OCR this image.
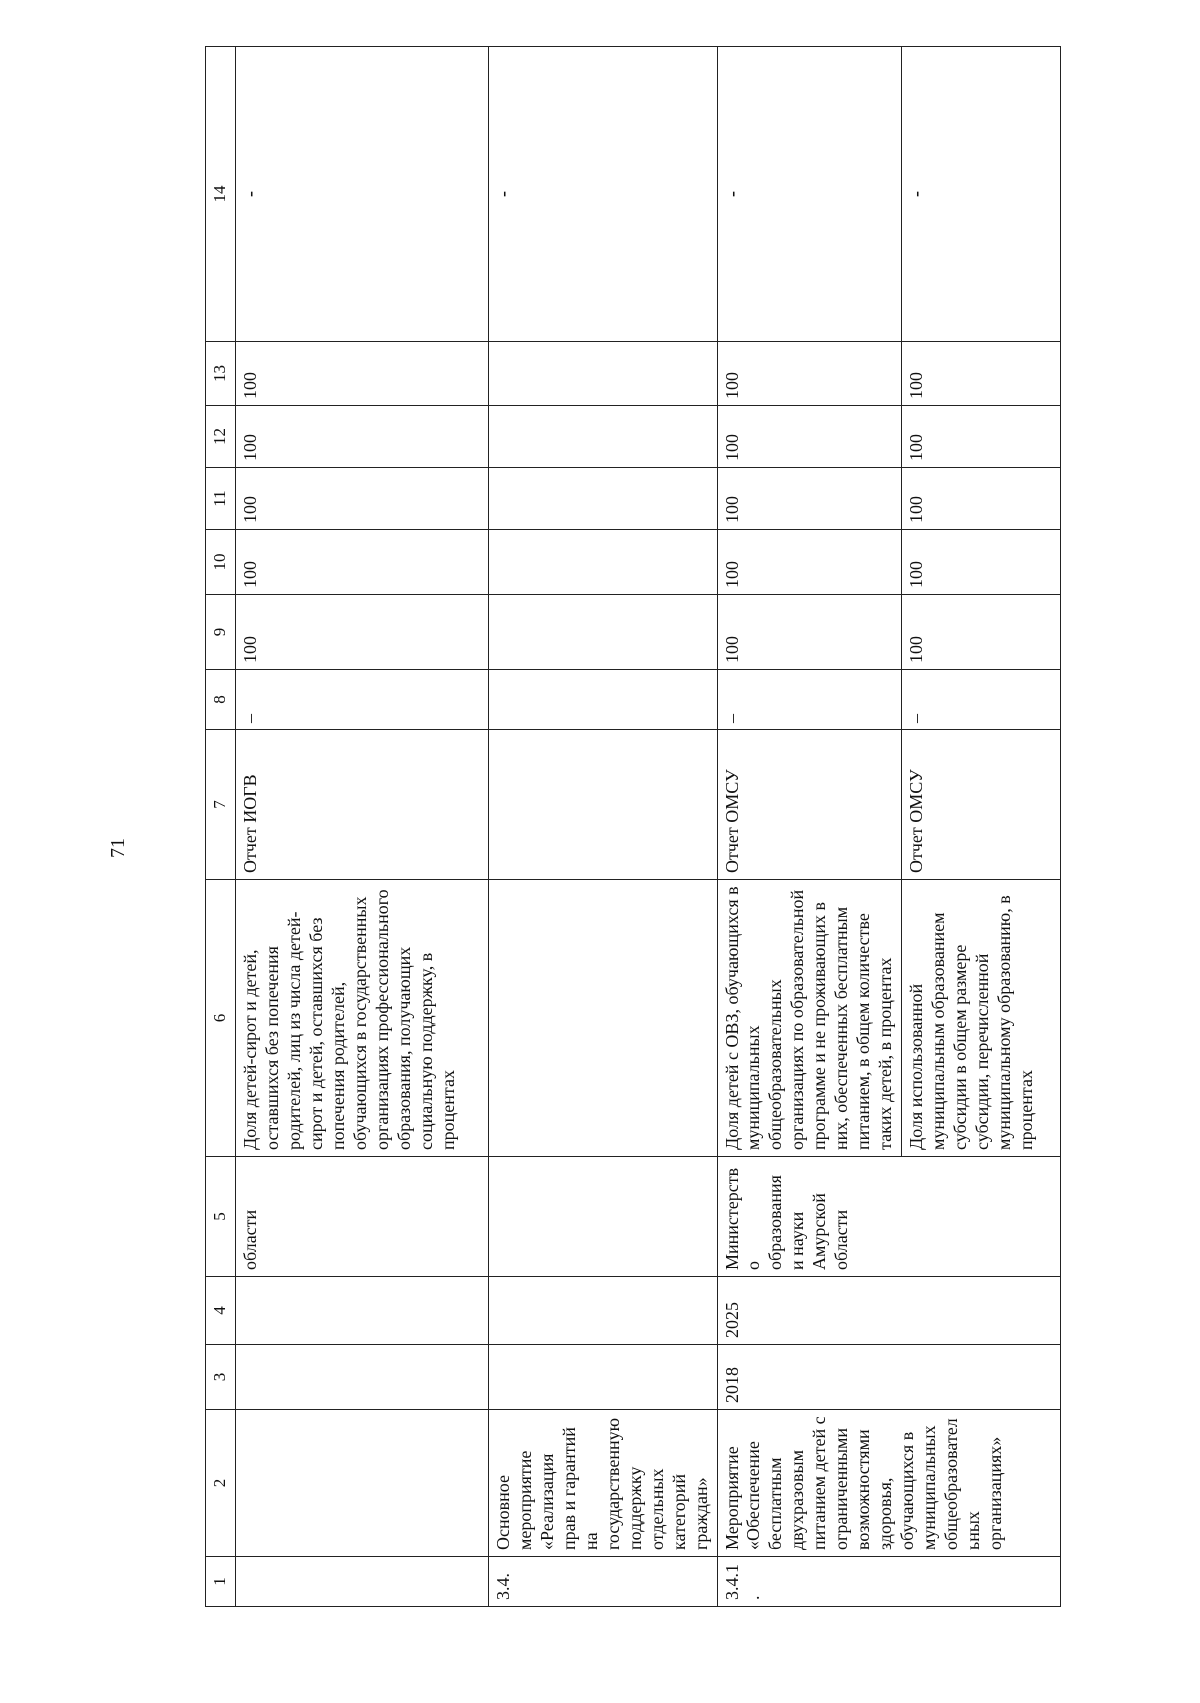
71
1	2	3	4	5	6	7	8	9	10	11	12	13	14
				области	Доля детей-сирот и детей, оставшихся без попечения родителей, лиц из числа детей-сирот и детей, оставшихся без попечения родителей, обучающихся в государственных организациях профессионального образования, получающих социальную поддержку, в процентах	Отчет ИОГВ	–	100	100	100	100	100	-
3.4.	Основное мероприятие «Реализация прав и гарантий на государственную поддержку отдельных категорий граждан»												-
3.4.1.	Мероприятие «Обеспечение бесплатным двухразовым питанием детей с ограниченными возможностями здоровья, обучающихся в муниципальных общеобразовательных организациях»	2018	2025	Министерство образования и науки Амурской области	Доля детей с ОВЗ, обучающихся в муниципальных общеобразовательных организациях по образовательной программе и не проживающих в них, обеспеченных бесплатным питанием, в общем количестве таких детей, в процентах	Отчет ОМСУ	–	100	100	100	100	100	-
					Доля использованной муниципальным образованием субсидии в общем размере субсидии, перечисленной муниципальному образованию, в процентах	Отчет ОМСУ	–	100	100	100	100	100	-
